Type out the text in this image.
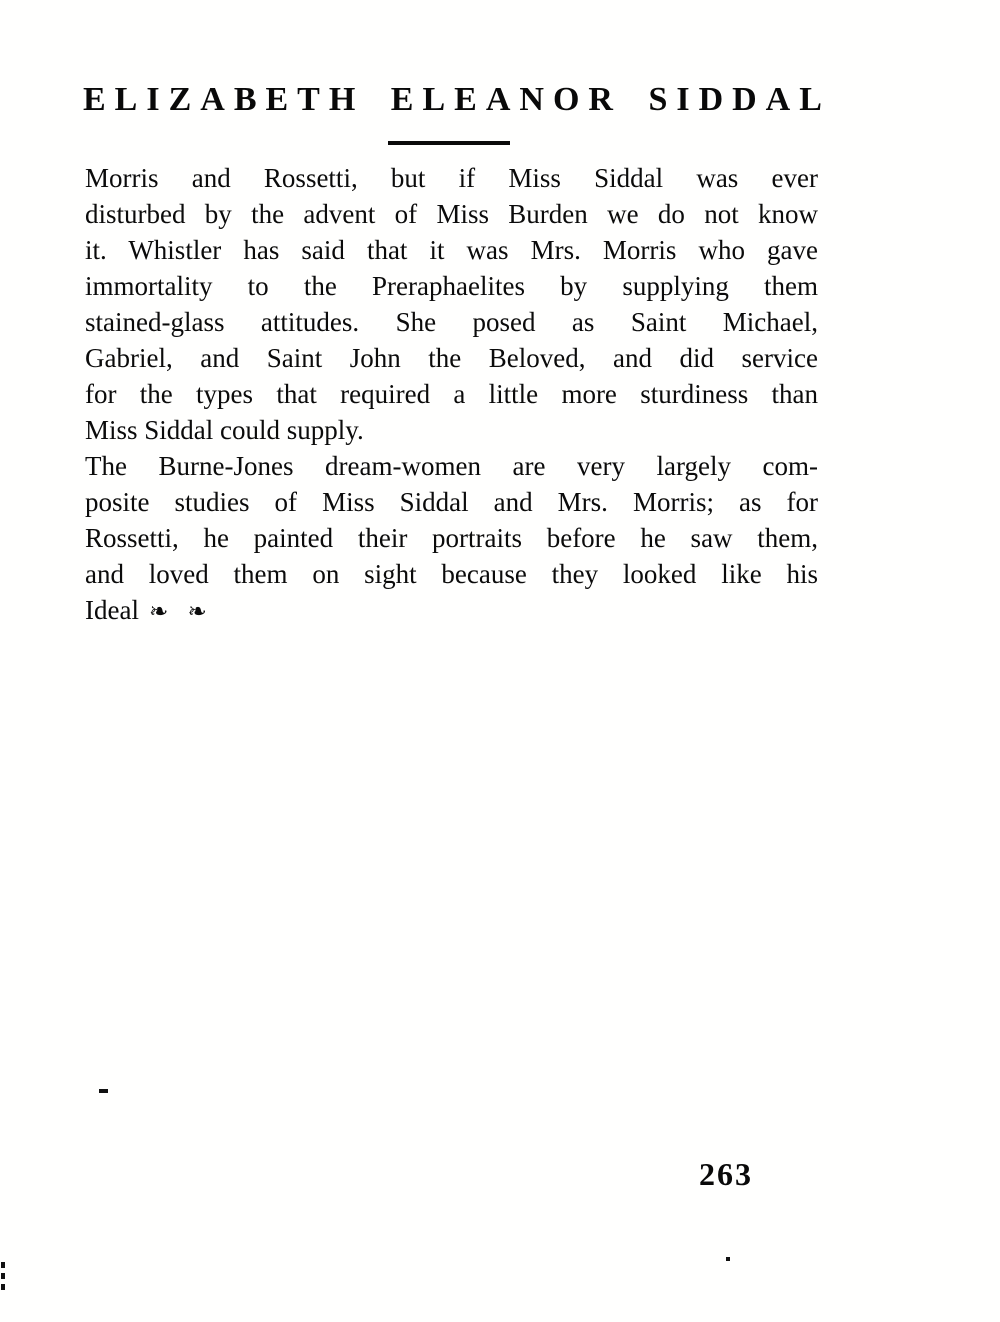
ELIZABETH ELEANOR SIDDAL
Morris and Rossetti, but if Miss Siddal was ever
disturbed by the advent of Miss Burden we do not know
it. Whistler has said that it was Mrs. Morris who gave
immortality to the Preraphaelites by supplying them
stained-glass attitudes. She posed as Saint Michael,
Gabriel, and Saint John the Beloved, and did service
for the types that required a little more sturdiness than
Miss Siddal could supply.
The Burne-Jones dream-women are very largely com-
posite studies of Miss Siddal and Mrs. Morris; as for
Rossetti, he painted their portraits before he saw them,
and loved them on sight because they looked like his
Ideal ❧ ❧
263
